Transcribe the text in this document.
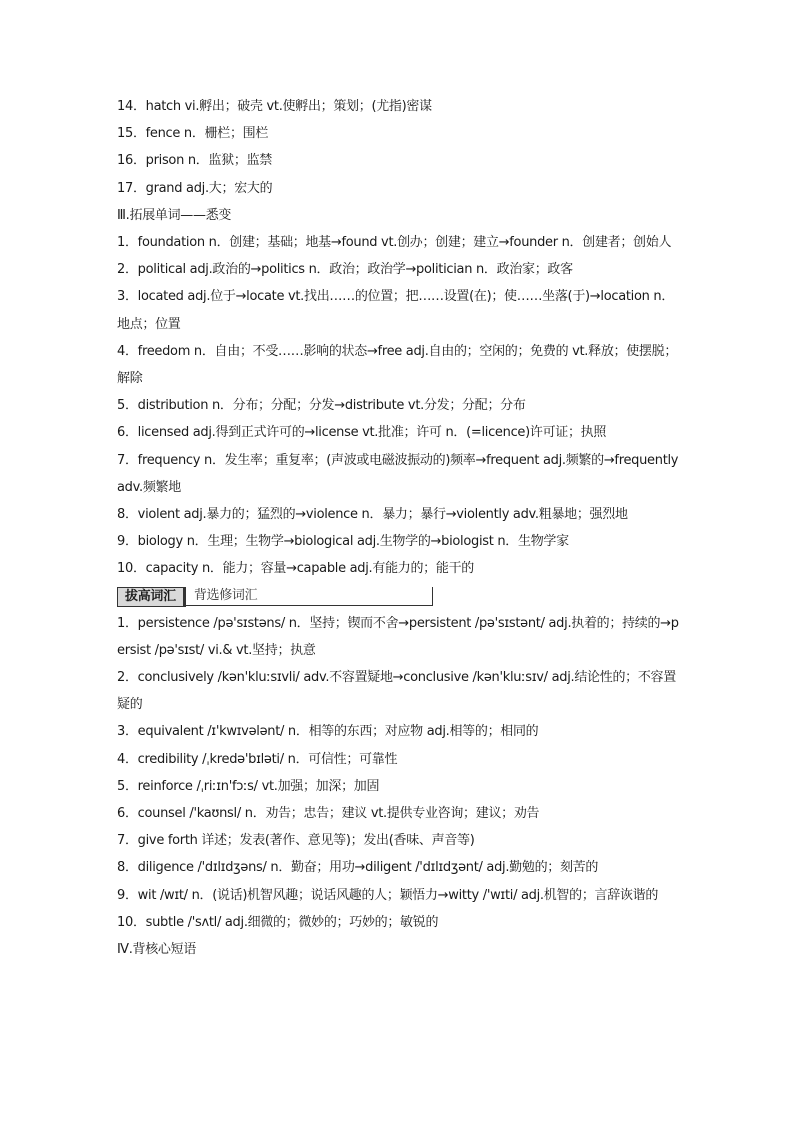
14．hatch vi.孵出；破壳 vt.使孵出；策划；(尤指)密谋

15．fence n．栅栏；围栏

16．prison n．监狱；监禁

17．grand adj.大；宏大的

Ⅲ.拓展单词——悉变

1．foundation n．创建；基础；地基→found vt.创办；创建；建立→founder n．创建者；创始人

2．political adj.政治的→politics n．政治；政治学→politician n．政治家；政客

3．located adj.位于→locate vt.找出……的位置；把……设置(在)；使……坐落(于)→location n．地点；位置

4．freedom n．自由；不受……影响的状态→free adj.自由的；空闲的；免费的 vt.释放；使摆脱；解除

5．distribution n．分布；分配；分发→distribute vt.分发；分配；分布

6．licensed adj.得到正式许可的→license vt.批准；许可 n．(=licence)许可证；执照

7．frequency n．发生率；重复率；(声波或电磁波振动的)频率→frequent adj.频繁的→frequently adv.频繁地

8．violent adj.暴力的；猛烈的→violence n．暴力；暴行→violently adv.粗暴地；强烈地

9．biology n．生理；生物学→biological adj.生物学的→biologist n．生物学家

10．capacity n．能力；容量→capable adj.有能力的；能干的

拔高词汇	背选修词汇

1．persistence /pə'sɪstəns/ n．坚持；锲而不舍→persistent /pə'sɪstənt/ adj.执着的；持续的→persist /pə'sɪst/ vi.& vt.坚持；执意

2．conclusively /kən'kluːsɪvli/ adv.不容置疑地→conclusive /kən'kluːsɪv/ adj.结论性的；不容置疑的

3．equivalent /ɪ'kwɪvələnt/ n．相等的东西；对应物 adj.相等的；相同的

4．credibility /ˌkredə'bɪləti/ n．可信性；可靠性

5．reinforce /ˌriːɪn'fɔːs/ vt.加强；加深；加固

6．counsel /'kaʊnsl/ n．劝告；忠告；建议 vt.提供专业咨询；建议；劝告

7．give forth 详述；发表(著作、意见等)；发出(香味、声音等)

8．diligence /'dɪlɪdʒəns/ n．勤奋；用功→diligent /'dɪlɪdʒənt/ adj.勤勉的；刻苦的

9．wit /wɪt/ n．(说话)机智风趣；说话风趣的人；颖悟力→witty /'wɪti/ adj.机智的；言辞诙谐的

10．subtle /'sʌtl/ adj.细微的；微妙的；巧妙的；敏锐的

Ⅳ.背核心短语
